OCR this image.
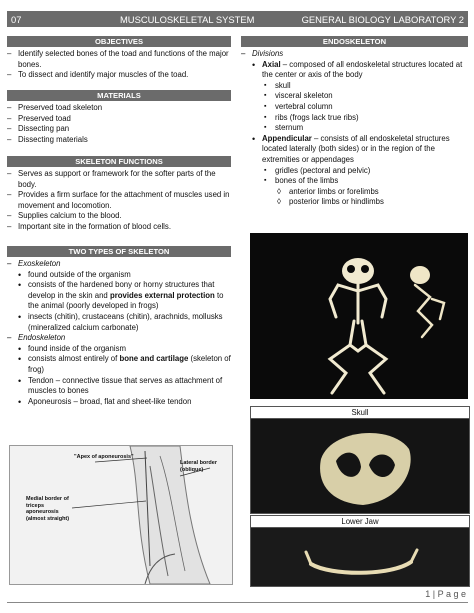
07	MUSCULOSKELETAL SYSTEM	GENERAL BIOLOGY LABORATORY 2
OBJECTIVES
– Identify selected bones of the toad and functions of the major bones.
– To dissect and identify major muscles of the toad.
MATERIALS
– Preserved toad skeleton
– Preserved toad
– Dissecting pan
– Dissecting materials
SKELETON FUNCTIONS
– Serves as support or framework for the softer parts of the body.
– Provides a firm surface for the attachment of muscles used in movement and locomotion.
– Supplies calcium to the blood.
– Important site in the formation of blood cells.
TWO TYPES OF SKELETON
– Exoskeleton
• found outside of the organism
• consists of the hardened bony or horny structures that develop in the skin and provides external protection to the animal (poorly developed in frogs)
• insects (chitin), crustaceans (chitin), arachnids, mollusks (mineralized calcium carbonate)
– Endoskeleton
• found inside of the organism
• consists almost entirely of bone and cartilage (skeleton of frog)
• Tendon – connective tissue that serves as attachment of muscles to bones
• Aponeurosis – broad, flat and sheet-like tendon
"Apex of aponeurosis"
Lateral border (oblique)
Medial border of triceps aponeurosis (almost straight)
ENDOSKELETON
– Divisions
• Axial – composed of all endoskeletal structures located at the center or axis of the body
▪ skull
▪ visceral skeleton
▪ vertebral column
▪ ribs (frogs lack true ribs)
▪ sternum
• Appendicular – consists of all endoskeletal structures located laterally (both sides) or in the region of the extremities or appendages
▪ gridles (pectoral and pelvic)
▪ bones of the limbs
◊ anterior limbs or forelimbs
◊ posterior limbs or hindlimbs
Skull
Lower Jaw
1 | P a g e
